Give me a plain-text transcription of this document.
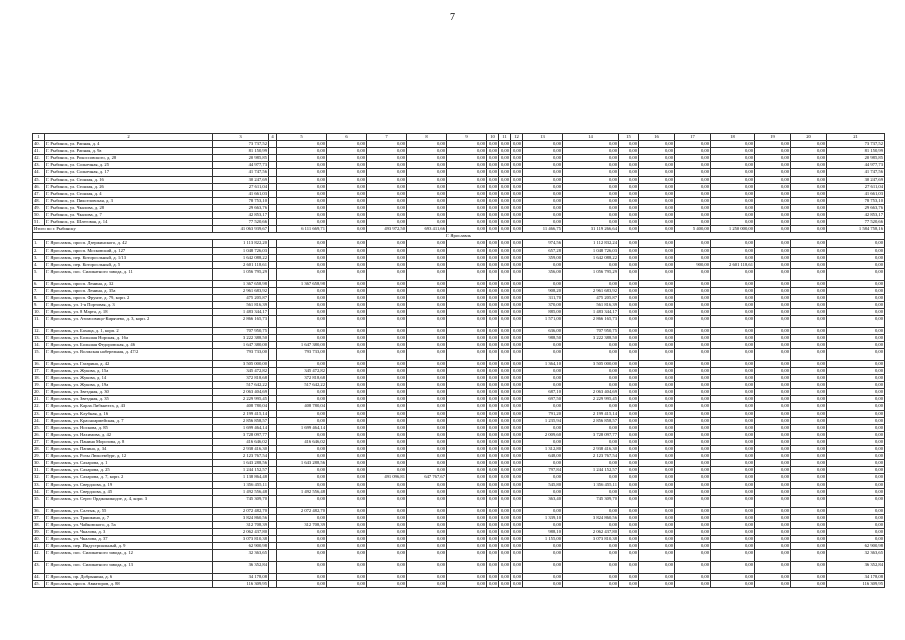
7
1	2	3	4	5	6	7	8	9	10	11	12	13	14	15	16	17	18	19	20	21
40.	Г. Рыбинск, ул. Рапная, д. 4	73 737,52		0,00	0,00	0,00	0,00	0,00	0,00	0,00	0,00	0,00	0,00	0,00	0,00	0,00	0,00	0,00	0,00	73 737,52
41.	Г. Рыбинск, ул. Рапная, д. 9а	81 150,99		0,00	0,00	0,00	0,00	0,00	0,00	0,00	0,00	0,00	0,00	0,00	0,00	0,00	0,00	0,00	0,00	81 150,99
42.	Г. Рыбинск, ул. Рокоссовского, д. 28	20 985,85		0,00	0,00	0,00	0,00	0,00	0,00	0,00	0,00	0,00	0,00	0,00	0,00	0,00	0,00	0,00	0,00	20 985,85
43.	Г. Рыбинск, ул. Солнечная, д. 25	44 977,73		0,00	0,00	0,00	0,00	0,00	0,00	0,00	0,00	0,00	0,00	0,00	0,00	0,00	0,00	0,00	0,00	44 977,73
44.	Г. Рыбинск, ул. Солнечная, д. 17	41 747,56		0,00	0,00	0,00	0,00	0,00	0,00	0,00	0,00	0,00	0,00	0,00	0,00	0,00	0,00	0,00	0,00	41 747,56
45.	Г. Рыбинск, ул. Стоялая, д. 16	30 247,69		0,00	0,00	0,00	0,00	0,00	0,00	0,00	0,00	0,00	0,00	0,00	0,00	0,00	0,00	0,00	0,00	30 247,69
46.	Г. Рыбинск, ул. Стоялая, д. 26	27 611,04		0,00	0,00	0,00	0,00	0,00	0,00	0,00	0,00	0,00	0,00	0,00	0,00	0,00	0,00	0,00	0,00	27 611,04
47.	Г. Рыбинск, ул. Стоялая, д. 4	41 661,03		0,00	0,00	0,00	0,00	0,00	0,00	0,00	0,00	0,00	0,00	0,00	0,00	0,00	0,00	0,00	0,00	41 661,03
48.	Г. Рыбинск, ул. Пикселовская, д. 3	78 753,10		0,00	0,00	0,00	0,00	0,00	0,00	0,00	0,00	0,00	0,00	0,00	0,00	0,00	0,00	0,00	0,00	78 753,10
49.	Г. Рыбинск, ул. Чкалова, д. 28	29 663,76		0,00	0,00	0,00	0,00	0,00	0,00	0,00	0,00	0,00	0,00	0,00	0,00	0,00	0,00	0,00	0,00	29 663,76
50.	Г. Рыбинск, ул. Чкалова, д. 7	42 853,17		0,00	0,00	0,00	0,00	0,00	0,00	0,00	0,00	0,00	0,00	0,00	0,00	0,00	0,00	0,00	0,00	42 853,17
51.	Г. Рыбинск, ул. Шлеговая, д. 14	77 520,66		0,00	0,00	0,00	0,00	0,00	0,00	0,00	0,00	0,00	0,00	0,00	0,00	0,00	0,00	0,00	0,00	77 520,66
Итого по г. Рыбинску		41 063 939,67		6 111 669,71	0,00	493 972,50	693 411,66	0,00	0,00	0,00	0,00	11 466,75	31 119 266,64	0,00	0,00	5 400,00	1 250 000,00	0,00	0,00	1 584 758,16
Г. Ярославль																				
1.	Г. Ярославль, просп. Дзержинского, д. 42	1 113 822,20		0,00	0,00	0,00	0,00	0,00	0,00	0,00	0,00	974,56	1 112 832,24	0,00	0,00	0,00	0,00	0,00	0,00	0,00
2.	Г. Ярославль, просп. Московский, д. 127	1 048 726,03		0,00	0,00	0,00	0,00	0,00	0,00	0,00	0,00	657,28	1 048 726,03	0,00	0,00	0,00	0,00	0,00	0,00	0,00
3.	Г. Ярославль, пер. Которосльный, д. 1/13	1 642 088,22		0,00	0,00	0,00	0,00	0,00	0,00	0,00	0,00	359,00	1 642 088,22	0,00	0,00	0,00	0,00	0,00	0,00	0,00
4.	Г. Ярославль, пер. Которосльный, д. 5	2 601 118,61		0,00	0,00	0,00	0,00	0,00	0,00	0,00	0,00	0,00	0,00	0,00	0,00	900,00	2 601 118,61	0,00	0,00	0,00
5.	Г. Ярославль, пос. Силикатного завода, д. 11	1 056 795,29		0,00	0,00	0,00	0,00	0,00	0,00	0,00	0,00	356,00	1 056 795,29	0,00	0,00	0,00	0,00	0,00	0,00	0,00
6.	Г. Ярославль, просп. Ленина, д. 32	1 367 658,98		1 367 658,98	0,00	0,00	0,00	0,00	0,00	0,00	0,00	0,00	0,00	0,00	0,00	0,00	0,00	0,00	0,00	0,00
7.	Г. Ярославль, просп. Ленина, д. 35а	2 961 683,92		0,00	0,00	0,00	0,00	0,00	0,00	0,00	0,00	908,20	2 961 683,92	0,00	0,00	0,00	0,00	0,00	0,00	0,00
8.	Г. Ярославль, просп. Фрунзе, д. 79, корп. 2	475 205,87		0,00	0,00	0,00	0,00	0,00	0,00	0,00	0,00	311,70	475 205,87	0,00	0,00	0,00	0,00	0,00	0,00	0,00
9.	Г. Ярославль, ул. 1-я Портовая, д. 3	561 816,39		0,00	0,00	0,00	0,00	0,00	0,00	0,00	0,00	370,00	561 816,39	0,00	0,00	0,00	0,00	0,00	0,00	0,00
10.	Г. Ярославль, ул. 8 Марта, д. 18	1 483 344,17		0,00	0,00	0,00	0,00	0,00	0,00	0,00	0,00	885,00	1 483 344,17	0,00	0,00	0,00	0,00	0,00	0,00	0,00
11.	Г. Ярославль, ул. Атомсовицо-Кирячево, д. 3, корп. 2	2 866 165,73		0,00	0,00	0,00	0,00	0,00	0,00	0,00	0,00	1 571,00	2 866 165,73	0,00	0,00	0,00	0,00	0,00	0,00	0,00
12.	Г. Ярославль, ул. Бахаца, д. 1, корп. 2	707 950,75		0,00	0,00	0,00	0,00	0,00	0,00	0,00	0,00	636,00	707 950,75	0,00	0,00	0,00	0,00	0,00	0,00	0,00
13.	Г. Ярославль, ул. Большая Норская, д. 16а	3 222 388,50		0,00	0,00	0,00	0,00	0,00	0,00	0,00	0,00	988,50	3 222 388,50	0,00	0,00	0,00	0,00	0,00	0,00	0,00
14.	Г. Ярославль, ул. Большая Федоровская, д. 46	1 647 380,00		1 647 380,00	0,00	0,00	0,00	0,00	0,00	0,00	0,00	0,00	0,00	0,00	0,00	0,00	0,00	0,00	0,00	0,00
15.	Г. Ярославль, ул. Волжская набережная, д. 47/2	793 733,00		793 733,00	0,00	0,00	0,00	0,00	0,00	0,00	0,00	0,00	0,00	0,00	0,00	0,00	0,00	0,00	0,00	0,00
16.	Г. Ярославль, ул. Гагарина, д. 42	3 505 000,00		0,00	0,00	0,00	0,00	0,00	0,00	0,00	0,00	1 364,10	3 505 000,00	0,00	0,00	0,00	0,00	0,00	0,00	0,00
17.	Г. Ярославль, ул. Жукова, д. 15а	345 472,82		345 472,82	0,00	0,00	0,00	0,00	0,00	0,00	0,00	0,00	0,00	0,00	0,00	0,00	0,00	0,00	0,00	0,00
18.	Г. Ярославль, ул. Жукова, д. 14	372 818,68		372 818,68	0,00	0,00	0,00	0,00	0,00	0,00	0,00	0,00	0,00	0,00	0,00	0,00	0,00	0,00	0,00	0,00
19.	Г. Ярославль, ул. Жукова, д. 19а	517 642,22		517 642,22	0,00	0,00	0,00	0,00	0,00	0,00	0,00	0,00	0,00	0,00	0,00	0,00	0,00	0,00	0,00	0,00
20.	Г. Ярославль, ул. Звездная, д. 30	2 063 404,69		0,00	0,00	0,00	0,00	0,00	0,00	0,00	0,00	687,10	2 063 404,69	0,00	0,00	0,00	0,00	0,00	0,00	0,00
21.	Г. Ярославль, ул. Звездная, д. 35	2 229 995,45		0,00	0,00	0,00	0,00	0,00	0,00	0,00	0,00	697,50	2 229 995,45	0,00	0,00	0,00	0,00	0,00	0,00	0,00
22.	Г. Ярославль, ул. Карла Либкнехта, д. 43	408 780,04		408 780,04	0,00	0,00	0,00	0,00	0,00	0,00	0,00	0,00	0,00	0,00	0,00	0,00	0,00	0,00	0,00	0,00
23.	Г. Ярославль, ул. Клубная, д. 16	2 199 415,14		0,00	0,00	0,00	0,00	0,00	0,00	0,00	0,00	791,20	2 199 415,14	0,00	0,00	0,00	0,00	0,00	0,00	0,00
24.	Г. Ярославль, ул. Красноармейская, д. 7	2 856 858,57		0,00	0,00	0,00	0,00	0,00	0,00	0,00	0,00	1 235,94	2 856 858,57	0,00	0,00	0,00	0,00	0,00	0,00	0,00
25.	Г. Ярославль, ул. Носкова, д. 85	1 699 464,14		1 699 464,14	0,00	0,00	0,00	0,00	0,00	0,00	0,00	0,00	0,00	0,00	0,00	0,00	0,00	0,00	0,00	0,00
26.	Г. Ярославль, ул. Нахимова, д. 42	3 728 097,77		0,00	0,00	0,00	0,00	0,00	0,00	0,00	0,00	2 009,60	3 728 097,77	0,00	0,00	0,00	0,00	0,00	0,00	0,00
27.	Г. Ярославль, ул. Панина Морозова, д. 8	416 646,02		416 646,02	0,00	0,00	0,00	0,00	0,00	0,00	0,00	0,00	0,00	0,00	0,00	0,00	0,00	0,00	0,00	0,00
28.	Г. Ярославль, ул. Папина, д. 34	2 938 416,30		0,00	0,00	0,00	0,00	0,00	0,00	0,00	0,00	1 312,80	2 938 416,30	0,00	0,00	0,00	0,00	0,00	0,00	0,00
29.	Г. Ярославль, ул. Розы Люксембург, д. 12	2 123 767,54		0,00	0,00	0,00	0,00	0,00	0,00	0,00	0,00	648,00	2 123 767,54	0,00	0,00	0,00	0,00	0,00	0,00	0,00
30.	Г. Ярославль, ул. Сахарова, д. 1	1 643 288,56		1 643 288,56	0,00	0,00	0,00	0,00	0,00	0,00	0,00	0,00	0,00	0,00	0,00	0,00	0,00	0,00	0,00	0,00
31.	Г. Ярославль, ул. Сахарова, д. 25	1 244 152,57		0,00	0,00	0,00	0,00	0,00	0,00	0,00	0,00	797,84	1 244 152,57	0,00	0,00	0,00	0,00	0,00	0,00	0,00
32.	Г. Ярославль, ул. Сахарова, д. 7, корп. 2	1 138 864,48		0,00	0,00	491 096,81	647 767,67	0,00	0,00	0,00	0,00	0,00	0,00	0,00	0,00	0,00	0,00	0,00	0,00	0,00
33.	Г. Ярославль, ул. Свердлова, д. 19	1 356 455,11		0,00	0,00	0,00	0,00	0,00	0,00	0,00	0,00	545,80	1 356 455,11	0,00	0,00	0,00	0,00	0,00	0,00	0,00
34.	Г. Ярославль, ул. Свердлова, д. 45	1 492 556,48		1 492 556,48	0,00	0,00	0,00	0,00	0,00	0,00	0,00	0,00	0,00	0,00	0,00	0,00	0,00	0,00	0,00	0,00
35.	Г. Ярославль, ул. Серго Орджоникидзе, д. 4, корп. 3	745 309,70		0,00	0,00	0,00	0,00	0,00	0,00	0,00	0,00	363,40	745 309,70	0,00	0,00	0,00	0,00	0,00	0,00	0,00
36.	Г. Ярославль, ул. Салтык, д. 55	2 072 482,70		2 072 482,70	0,00	0,00	0,00	0,00	0,00	0,00	0,00	0,00	0,00	0,00	0,00	0,00	0,00	0,00	0,00	0,00
37.	Г. Ярославль, ул. Тряшкина, д. 7	3 824 860,56		0,00	0,00	0,00	0,00	0,00	0,00	0,00	0,00	1 339,10	3 824 860,56	0,00	0,00	0,00	0,00	0,00	0,00	0,00
38.	Г. Ярославль, ул. Чайковского, д. 5а	312 708,39		312 708,39	0,00	0,00	0,00	0,00	0,00	0,00	0,00	0,00	0,00	0,00	0,00	0,00	0,00	0,00	0,00	0,00
39.	Г. Ярославль, ул. Чкалова, д. 3	2 062 437,80		0,00	0,00	0,00	0,00	0,00	0,00	0,00	0,00	988,10	2 062 437,80	0,00	0,00	0,00	0,00	0,00	0,00	0,00
40.	Г. Ярославль, ул. Чкалова, д. 37	3 073 810,38		0,00	0,00	0,00	0,00	0,00	0,00	0,00	0,00	1 155,00	3 073 810,38	0,00	0,00	0,00	0,00	0,00	0,00	0,00
41.	Г. Ярославль, пер. Индустриальный, д. 9	62 900,98		0,00	0,00	0,00	0,00	0,00	0,00	0,00	0,00	0,00	0,00	0,00	0,00	0,00	0,00	0,00	0,00	62 900,98
42.	Г. Ярославль, пос. Силикатного завода, д. 12	32 363,65		0,00	0,00	0,00	0,00	0,00	0,00	0,00	0,00	0,00	0,00	0,00	0,00	0,00	0,00	0,00	0,00	32 363,65
43.	Г. Ярославль, пос. Силикатного завода, д. 13	36 352,84		0,00	0,00	0,00	0,00	0,00	0,00	0,00	0,00	0,00	0,00	0,00	0,00	0,00	0,00	0,00	0,00	36 352,84
44.	Г. Ярославль, пр. Добрынина, д. 6	34 178,08		0,00	0,00	0,00	0,00	0,00	0,00	0,00	0,00	0,00	0,00	0,00	0,00	0,00	0,00	0,00	0,00	34 178,08
45.	Г. Ярославль, просп. Авиаторов, д. 88	116 309,95		0,00	0,00	0,00	0,00	0,00	0,00	0,00	0,00	0,00	0,00	0,00	0,00	0,00	0,00	0,00	0,00	116 309,95
